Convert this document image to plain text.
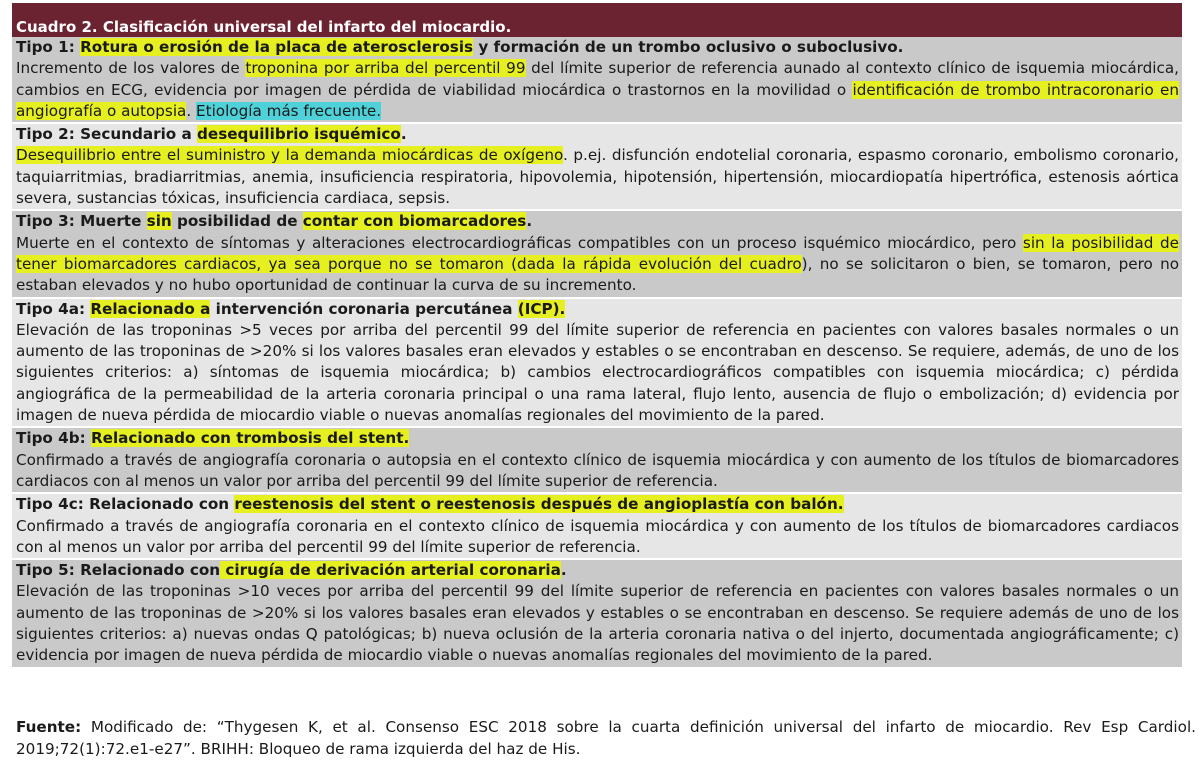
Cuadro 2. Clasificación universal del infarto del miocardio.
Tipo 1: Rotura o erosión de la placa de aterosclerosis y formación de un trombo oclusivo o suboclusivo.
Incremento de los valores de troponina por arriba del percentil 99 del límite superior de referencia aunado al contexto clínico de isquemia miocárdica, cambios en ECG, evidencia por imagen de pérdida de viabilidad miocárdica o trastornos en la movilidad o identificación de trombo intracoronario en angiografía o autopsia. Etiología más frecuente.
Tipo 2: Secundario a desequilibrio isquémico.
Desequilibrio entre el suministro y la demanda miocárdicas de oxígeno. p.ej. disfunción endotelial coronaria, espasmo coronario, embolismo coronario, taquiarritmias, bradiarritmias, anemia, insuficiencia respiratoria, hipovolemia, hipotensión, hipertensión, miocardiopatía hipertrófica, estenosis aórtica severa, sustancias tóxicas, insuficiencia cardiaca, sepsis.
Tipo 3: Muerte sin posibilidad de contar con biomarcadores.
Muerte en el contexto de síntomas y alteraciones electrocardiográficas compatibles con un proceso isquémico miocárdico, pero sin la posibilidad de tener biomarcadores cardiacos, ya sea porque no se tomaron (dada la rápida evolución del cuadro), no se solicitaron o bien, se tomaron, pero no estaban elevados y no hubo oportunidad de continuar la curva de su incremento.
Tipo 4a: Relacionado a intervención coronaria percutánea (ICP).
Elevación de las troponinas >5 veces por arriba del percentil 99 del límite superior de referencia en pacientes con valores basales normales o un aumento de las troponinas de >20% si los valores basales eran elevados y estables o se encontraban en descenso. Se requiere, además, de uno de los siguientes criterios: a) síntomas de isquemia miocárdica; b) cambios electrocardiográficos compatibles con isquemia miocárdica; c) pérdida angiográfica de la permeabilidad de la arteria coronaria principal o una rama lateral, flujo lento, ausencia de flujo o embolización; d) evidencia por imagen de nueva pérdida de miocardio viable o nuevas anomalías regionales del movimiento de la pared.
Tipo 4b: Relacionado con trombosis del stent.
Confirmado a través de angiografía coronaria o autopsia en el contexto clínico de isquemia miocárdica y con aumento de los títulos de biomarcadores cardiacos con al menos un valor por arriba del percentil 99 del límite superior de referencia.
Tipo 4c: Relacionado con reestenosis del stent o reestenosis después de angioplastía con balón.
Confirmado a través de angiografía coronaria en el contexto clínico de isquemia miocárdica y con aumento de los títulos de biomarcadores cardiacos con al menos un valor por arriba del percentil 99 del límite superior de referencia.
Tipo 5: Relacionado con cirugía de derivación arterial coronaria.
Elevación de las troponinas >10 veces por arriba del percentil 99 del límite superior de referencia en pacientes con valores basales normales o un aumento de las troponinas de >20% si los valores basales eran elevados y estables o se encontraban en descenso. Se requiere además de uno de los siguientes criterios: a) nuevas ondas Q patológicas; b) nueva oclusión de la arteria coronaria nativa o del injerto, documentada angiográficamente; c) evidencia por imagen de nueva pérdida de miocardio viable o nuevas anomalías regionales del movimiento de la pared.
Fuente: Modificado de: “Thygesen K, et al. Consenso ESC 2018 sobre la cuarta definición universal del infarto de miocardio. Rev Esp Cardiol. 2019;72(1):72.e1-e27”. BRIHH: Bloqueo de rama izquierda del haz de His.
